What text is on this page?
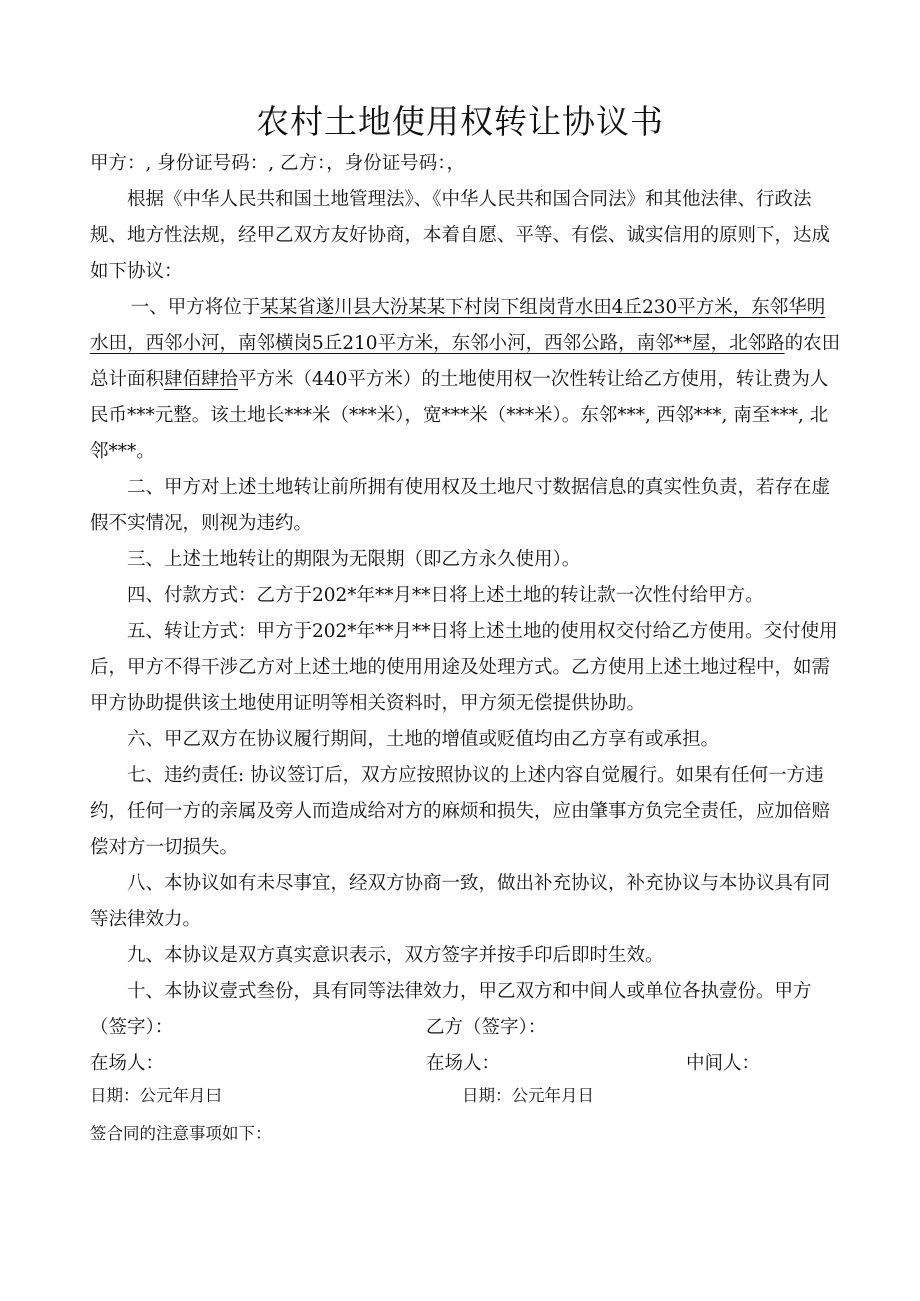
农村土地使用权转让协议书

甲方：, 身份证号码：, 乙方：，身份证号码：，

根据《中华人民共和国土地管理法》、《中华人民共和国合同法》和其他法律、行政法规、地方性法规，经甲乙双方友好协商，本着自愿、平等、有偿、诚实信用的原则下，达成如下协议：

一、甲方将位于某某省遂川县大汾某某下村岗下组岗背水田4丘230平方米，东邻华明水田，西邻小河，南邻横岗5丘210平方米，东邻小河，西邻公路，南邻**屋，北邻路的农田总计面积肆佰肆拾平方米（440平方米）的土地使用权一次性转让给乙方使用，转让费为人民币***元整。该土地长***米（***米），宽***米（***米）。东邻***, 西邻***, 南至***, 北邻***。

二、甲方对上述土地转让前所拥有使用权及土地尺寸数据信息的真实性负责，若存在虚假不实情况，则视为违约。

三、上述土地转让的期限为无限期（即乙方永久使用）。

四、付款方式：乙方于202*年**月**日将上述土地的转让款一次性付给甲方。

五、转让方式：甲方于202*年**月**日将上述土地的使用权交付给乙方使用。交付使用后，甲方不得干涉乙方对上述土地的使用用途及处理方式。乙方使用上述土地过程中，如需甲方协助提供该土地使用证明等相关资料时，甲方须无偿提供协助。

六、甲乙双方在协议履行期间，土地的增值或贬值均由乙方享有或承担。

七、违约责任: 协议签订后，双方应按照协议的上述内容自觉履行。如果有任何一方违约，任何一方的亲属及旁人而造成给对方的麻烦和损失，应由肇事方负完全责任，应加倍赔偿对方一切损失。

八、本协议如有未尽事宜，经双方协商一致，做出补充协议，补充协议与本协议具有同等法律效力。

九、本协议是双方真实意识表示，双方签字并按手印后即时生效。

十、本协议壹式叁份，具有同等法律效力，甲乙双方和中间人或单位各执壹份。甲方（签字）：	乙方（签字）：
在场人：	在场人：	中间人：
日期：公元年月曰	日期：公元年月日
签合同的注意事项如下：
